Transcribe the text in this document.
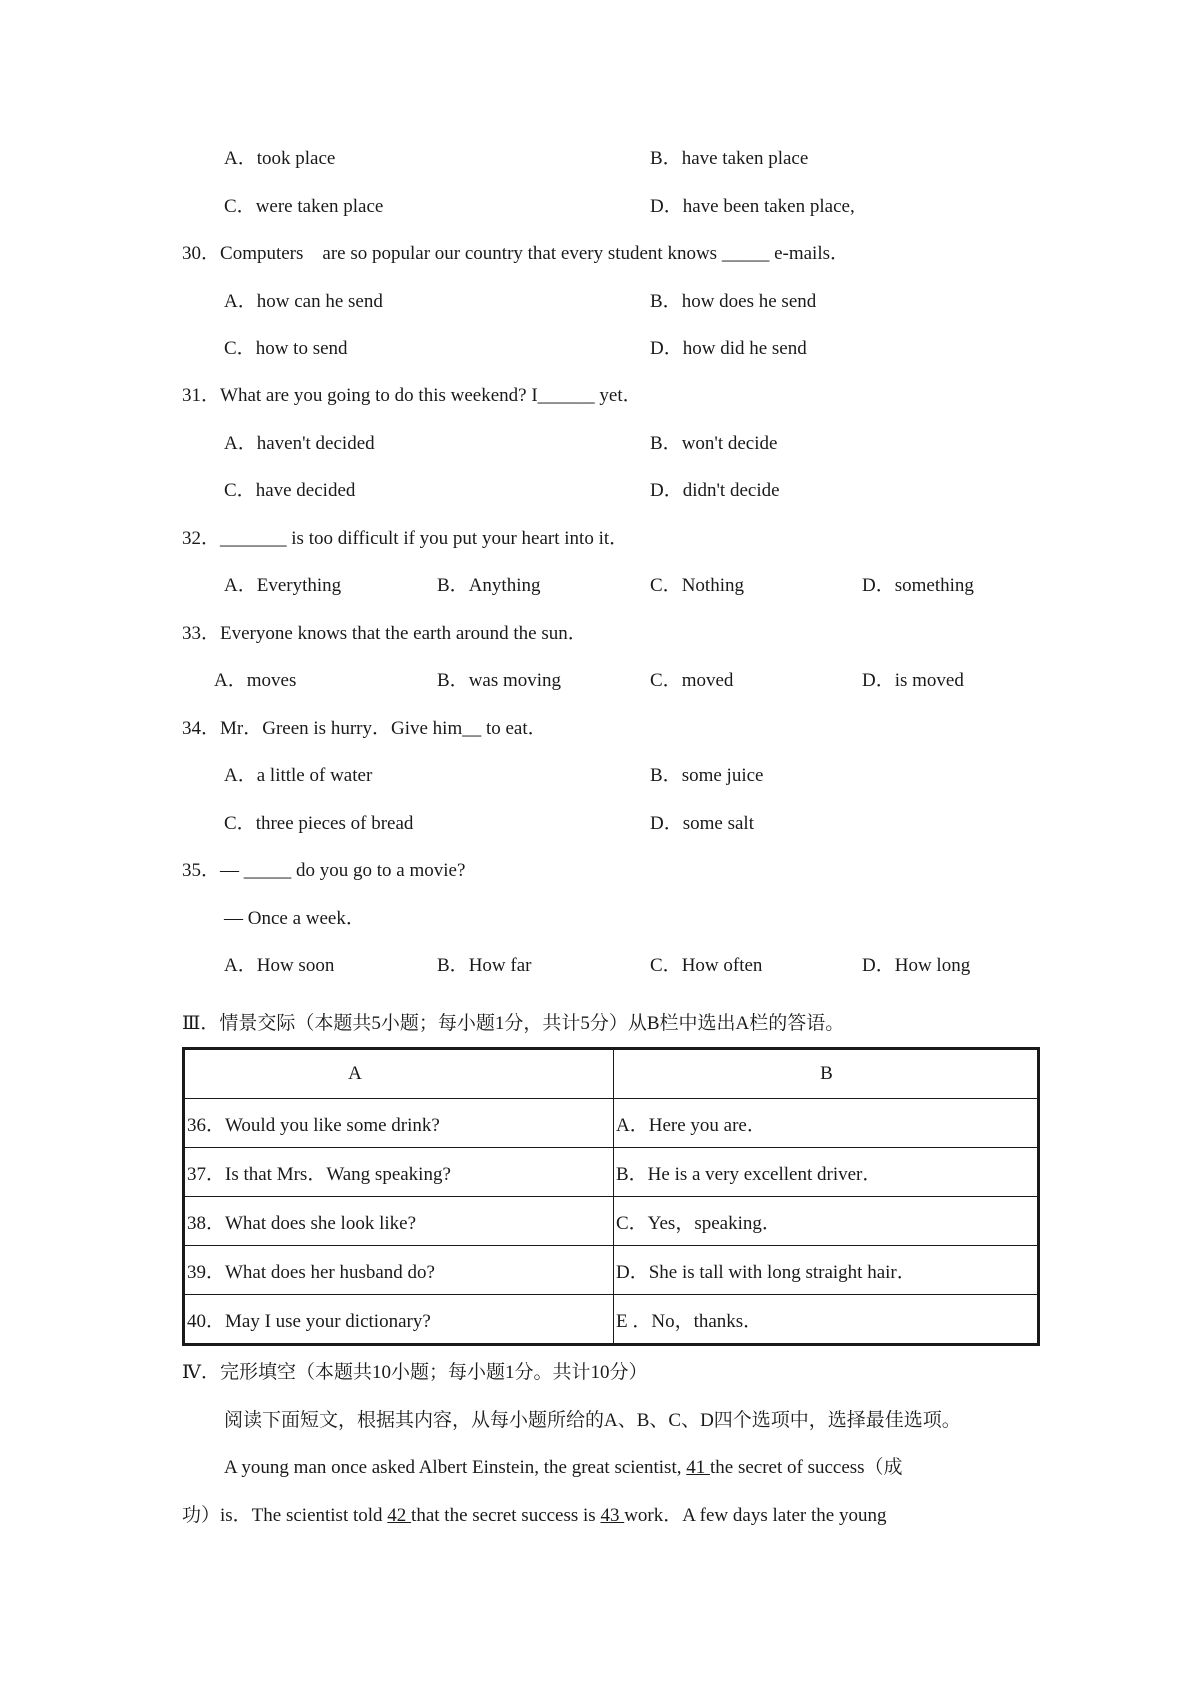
A．took place	B．have taken place
C．were taken place	D．have been taken place,
30．Computers　are so popular our country that every student knows _____ e-mails．
A．how can he send	B．how does he send
C．how to send	D．how did he send
31．What are you going to do this weekend? I______ yet．
A．haven't decided	B．won't decide
C．have decided	D．didn't decide
32．_______ is too difficult if you put your heart into it．
A．Everything	B．Anything	C．Nothing	D．something
33．Everyone knows that the earth around the sun．
A．moves	B．was moving	C．moved	D．is moved
34．Mr．Green is hurry．Give him__ to eat．
A．a little of water	B．some juice
C．three pieces of bread	D．some salt
35．— _____ do you go to a movie?
— Once a week．
A．How soon	B．How far	C．How often	D．How long
Ⅲ．情景交际（本题共5小题；每小题1分，共计5分）从B栏中选出A栏的答语。
A	B
36．Would you like some drink?	A．Here you are．
37．Is that Mrs．Wang speaking?	B．He is a very excellent driver．
38．What does she look like?	C．Yes，speaking．
39．What does her husband do?	D．She is tall with long straight hair．
40．May I use your dictionary?	E ．No，thanks．
Ⅳ．完形填空（本题共10小题；每小题1分。共计10分）
阅读下面短文，根据其内容，从每小题所给的A、B、C、D四个选项中，选择最佳选项。
A young man once asked Albert Einstein, the great scientist, 41 the secret of success（成
功）is．The scientist told 42 that the secret success is 43 work．A few days later the young
